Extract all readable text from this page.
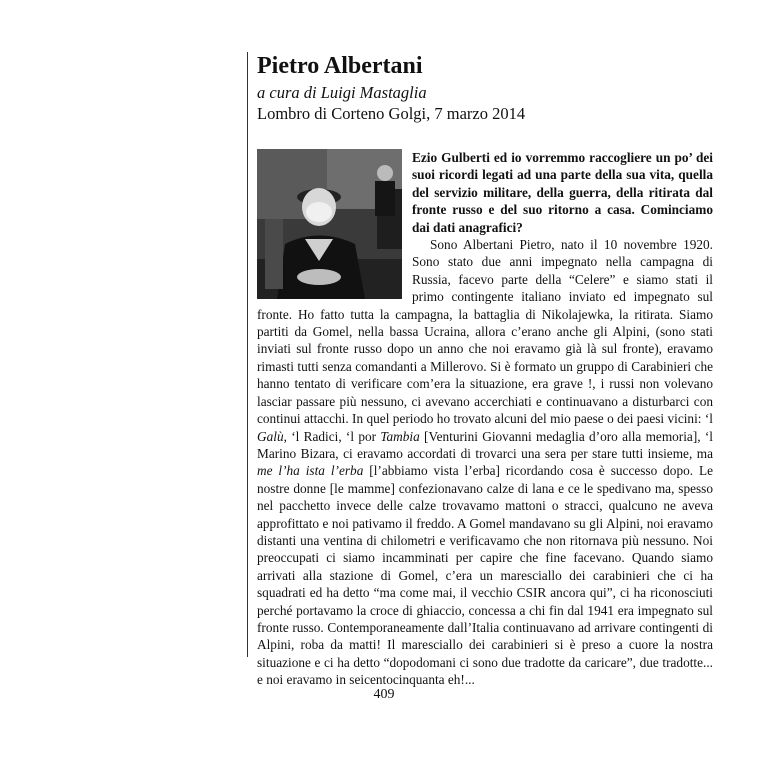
Pietro Albertani

a cura di Luigi Mastaglia

Lombro di Corteno Golgi, 7 marzo 2014

Ezio Gulberti ed io vorremmo raccogliere un po’ dei suoi ricordi legati ad una parte della sua vita, quella del servizio militare, della guerra, della ritirata dal fronte russo e del suo ritorno a casa. Cominciamo dai dati anagrafici?

Sono Albertani Pietro, nato il 10 novembre 1920. Sono stato due anni impegnato nella campagna di Russia, facevo parte della “Celere” e siamo stati il primo contingente italiano inviato ed impegnato sul fronte. Ho fatto tutta la campagna, la battaglia di Nikolajewka, la ritirata. Siamo partiti da Gomel, nella bassa Ucraina, allora c’erano anche gli Alpini, (sono stati inviati sul fronte russo dopo un anno che noi eravamo già là sul fronte), eravamo rimasti tutti senza comandanti a Millerovo. Si è formato un gruppo di Carabinieri che hanno tentato di verificare com’era la situazione, era grave !, i russi non volevano lasciar passare più nessuno, ci avevano accerchiati e continuavano a disturbarci con continui attacchi. In quel periodo ho trovato alcuni del mio paese o dei paesi vicini: ‘l Galù, ‘l Radici, ‘l por Tambia [Venturini Giovanni medaglia d’oro alla memoria], ‘l Marino Bizara, ci eravamo accordati di trovarci una sera per stare tutti insieme, ma me l’ha ista l’erba [l’abbiamo vista l’erba] ricordando cosa è successo dopo. Le nostre donne [le mamme] confezionavano calze di lana e ce le spedivano ma, spesso nel pacchetto invece delle calze trovavamo mattoni o stracci, qualcuno ne aveva approfittato e noi pativamo il freddo. A Gomel mandavano su gli Alpini, noi eravamo distanti una ventina di chilometri e verificavamo che non ritornava più nessuno. Noi preoccupati ci siamo incamminati per capire che fine facevano. Quando siamo arrivati alla stazione di Gomel, c’era un maresciallo dei carabinieri che ci ha squadrati ed ha detto “ma come mai, il vecchio CSIR ancora qui”, ci ha riconosciuti perché portavamo la croce di ghiaccio, concessa a chi fin dal 1941 era impegnato sul fronte russo. Contemporaneamente dall’Italia continuavano ad arrivare contingenti di Alpini, roba da matti! Il maresciallo dei carabinieri si è preso a cuore la nostra situazione e ci ha detto “dopodomani ci sono due tradotte da caricare”, due tradotte... e noi eravamo in seicentocinquanta eh!...

409
